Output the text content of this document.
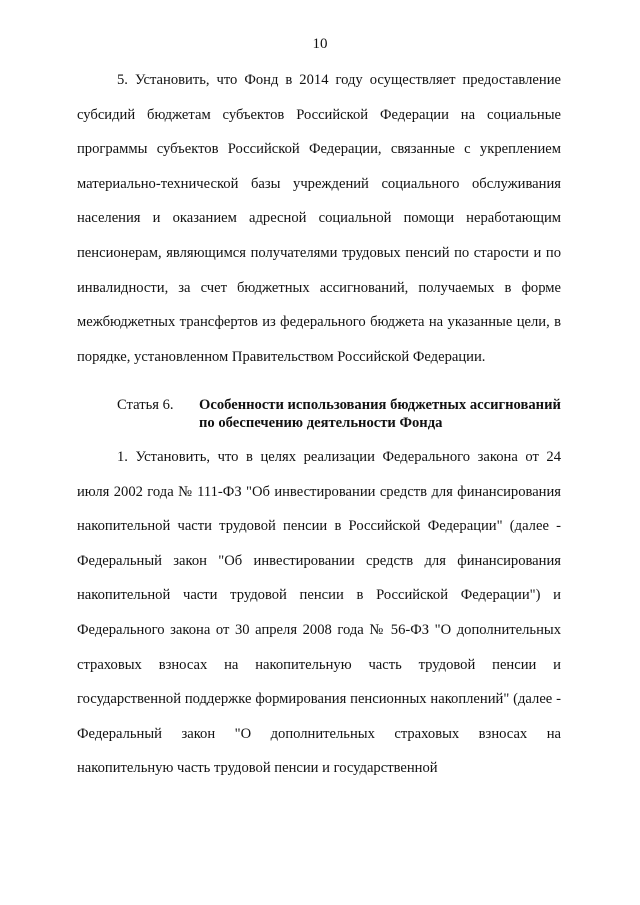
10
5. Установить, что Фонд в 2014 году осуществляет предоставление субсидий бюджетам субъектов Российской Федерации на социальные программы субъектов Российской Федерации, связанные с укреплением материально-технической базы учреждений социального обслуживания населения и оказанием адресной социальной помощи неработающим пенсионерам, являющимся получателями трудовых пенсий по старости и по инвалидности, за счет бюджетных ассигнований, получаемых в форме межбюджетных трансфертов из федерального бюджета на указанные цели, в порядке, установленном Правительством Российской Федерации.
Статья 6. Особенности использования бюджетных ассигнований по обеспечению деятельности Фонда
1. Установить, что в целях реализации Федерального закона от 24 июля 2002 года № 111-ФЗ "Об инвестировании средств для финансирования накопительной части трудовой пенсии в Российской Федерации" (далее - Федеральный закон "Об инвестировании средств для финансирования накопительной части трудовой пенсии в Российской Федерации") и Федерального закона от 30 апреля 2008 года № 56-ФЗ "О дополнительных страховых взносах на накопительную часть трудовой пенсии и государственной поддержке формирования пенсионных накоплений" (далее - Федеральный закон "О дополнительных страховых взносах на накопительную часть трудовой пенсии и государственной
